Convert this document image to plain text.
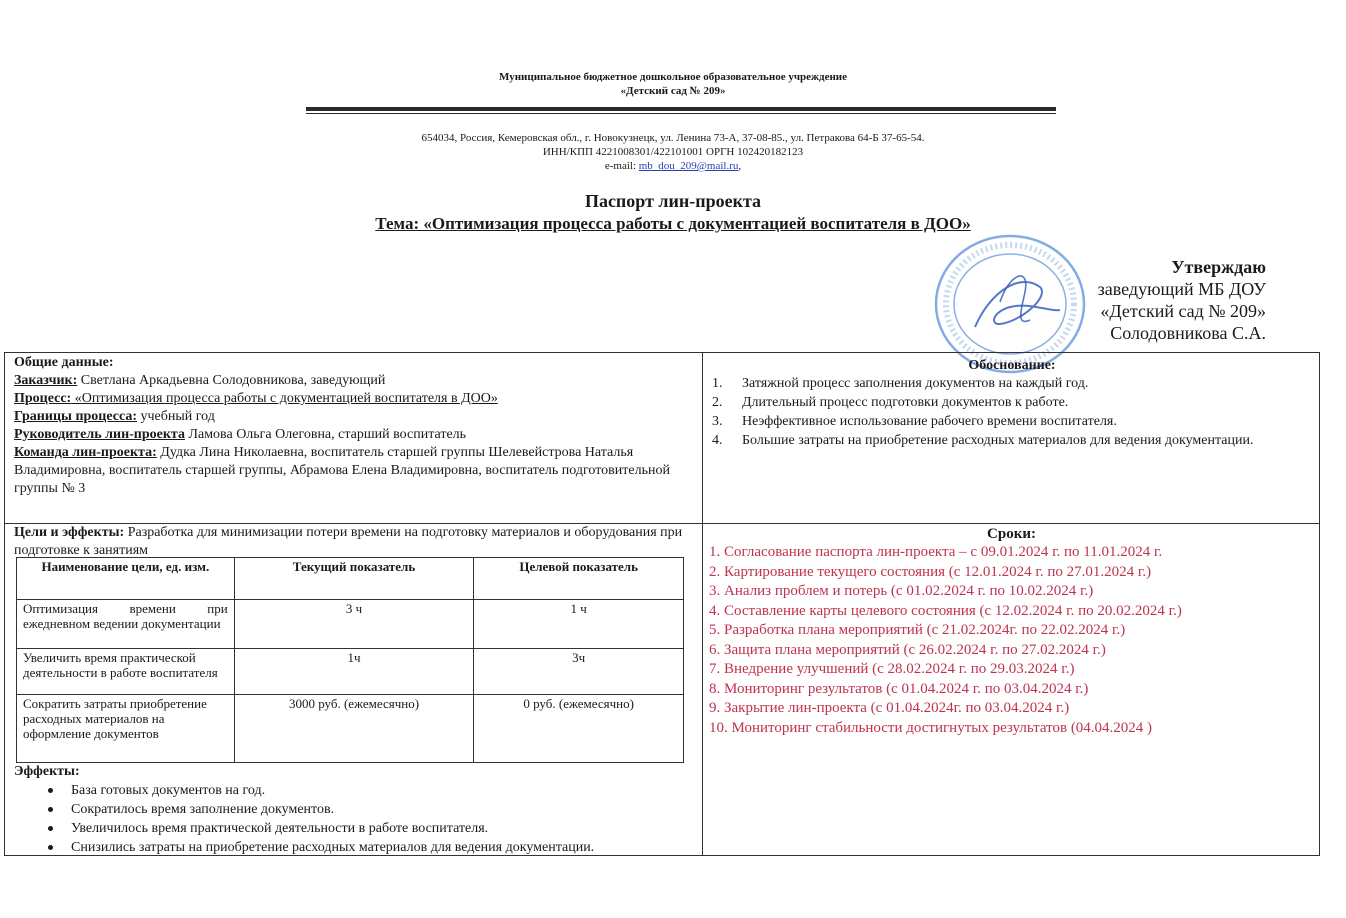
Муниципальное бюджетное дошкольное образовательное учреждение
«Детский сад № 209»
654034, Россия, Кемеровская обл., г. Новокузнецк, ул. Ленина 73-А, 37-08-85., ул. Петракова 64-Б 37-65-54.
ИНН/КПП 4221008301/422101001 ОРГН 102420182123
e-mail: mb_dou_209@mail.ru,
Паспорт лин-проекта
Тема: «Оптимизация процесса работы с документацией воспитателя в ДОО»
Утверждаю
заведующий МБ ДОУ
«Детский сад № 209»
Солодовникова С.А.
Общие данные:
Заказчик: Светлана Аркадьевна Солодовникова, заведующий
Процесс: «Оптимизация процесса работы с документацией воспитателя в ДОО»
Границы процесса: учебный год
Руководитель лин-проекта Ламова Ольга Олеговна, старший воспитатель
Команда лин-проекта: Дудка Лина Николаевна, воспитатель старшей группы Шелевейстрова Наталья Владимировна, воспитатель старшей группы, Абрамова Елена Владимировна, воспитатель подготовительной группы № 3
Обоснование:
1. Затяжной процесс заполнения документов на каждый год.
2. Длительный процесс подготовки документов к работе.
3. Неэффективное использование рабочего времени воспитателя.
4. Большие затраты на приобретение расходных материалов для ведения документации.
Цели и эффекты: Разработка для минимизации потери времени на подготовку материалов и оборудования при подготовке к занятиям
Наименование цели, ед. изм.	Текущий показатель	Целевой показатель
Оптимизация времени при ежедневном ведении документации	3 ч	1 ч
Увеличить время практической деятельности в работе воспитателя	1ч	3ч
Сократить затраты приобретение расходных материалов на оформление документов	3000 руб. (ежемесячно)	0 руб. (ежемесячно)
Эффекты:
База готовых документов на год.
Сократилось время заполнение документов.
Увеличилось время практической деятельности в работе воспитателя.
Снизились затраты на приобретение расходных материалов для ведения документации.
Сроки:
1. Согласование паспорта лин-проекта – с 09.01.2024 г. по 11.01.2024 г.
2. Картирование текущего состояния (с 12.01.2024 г. по 27.01.2024 г.)
3. Анализ проблем и потерь (с 01.02.2024 г. по 10.02.2024 г.)
4. Составление карты целевого состояния (с 12.02.2024 г. по 20.02.2024 г.)
5. Разработка плана мероприятий (с 21.02.2024г. по 22.02.2024 г.)
6. Защита плана мероприятий (с 26.02.2024 г. по 27.02.2024 г.)
7. Внедрение улучшений (с 28.02.2024 г. по 29.03.2024 г.)
8. Мониторинг результатов (с 01.04.2024 г. по 03.04.2024 г.)
9. Закрытие лин-проекта (с 01.04.2024г. по 03.04.2024 г.)
10. Мониторинг стабильности достигнутых результатов (04.04.2024 )
